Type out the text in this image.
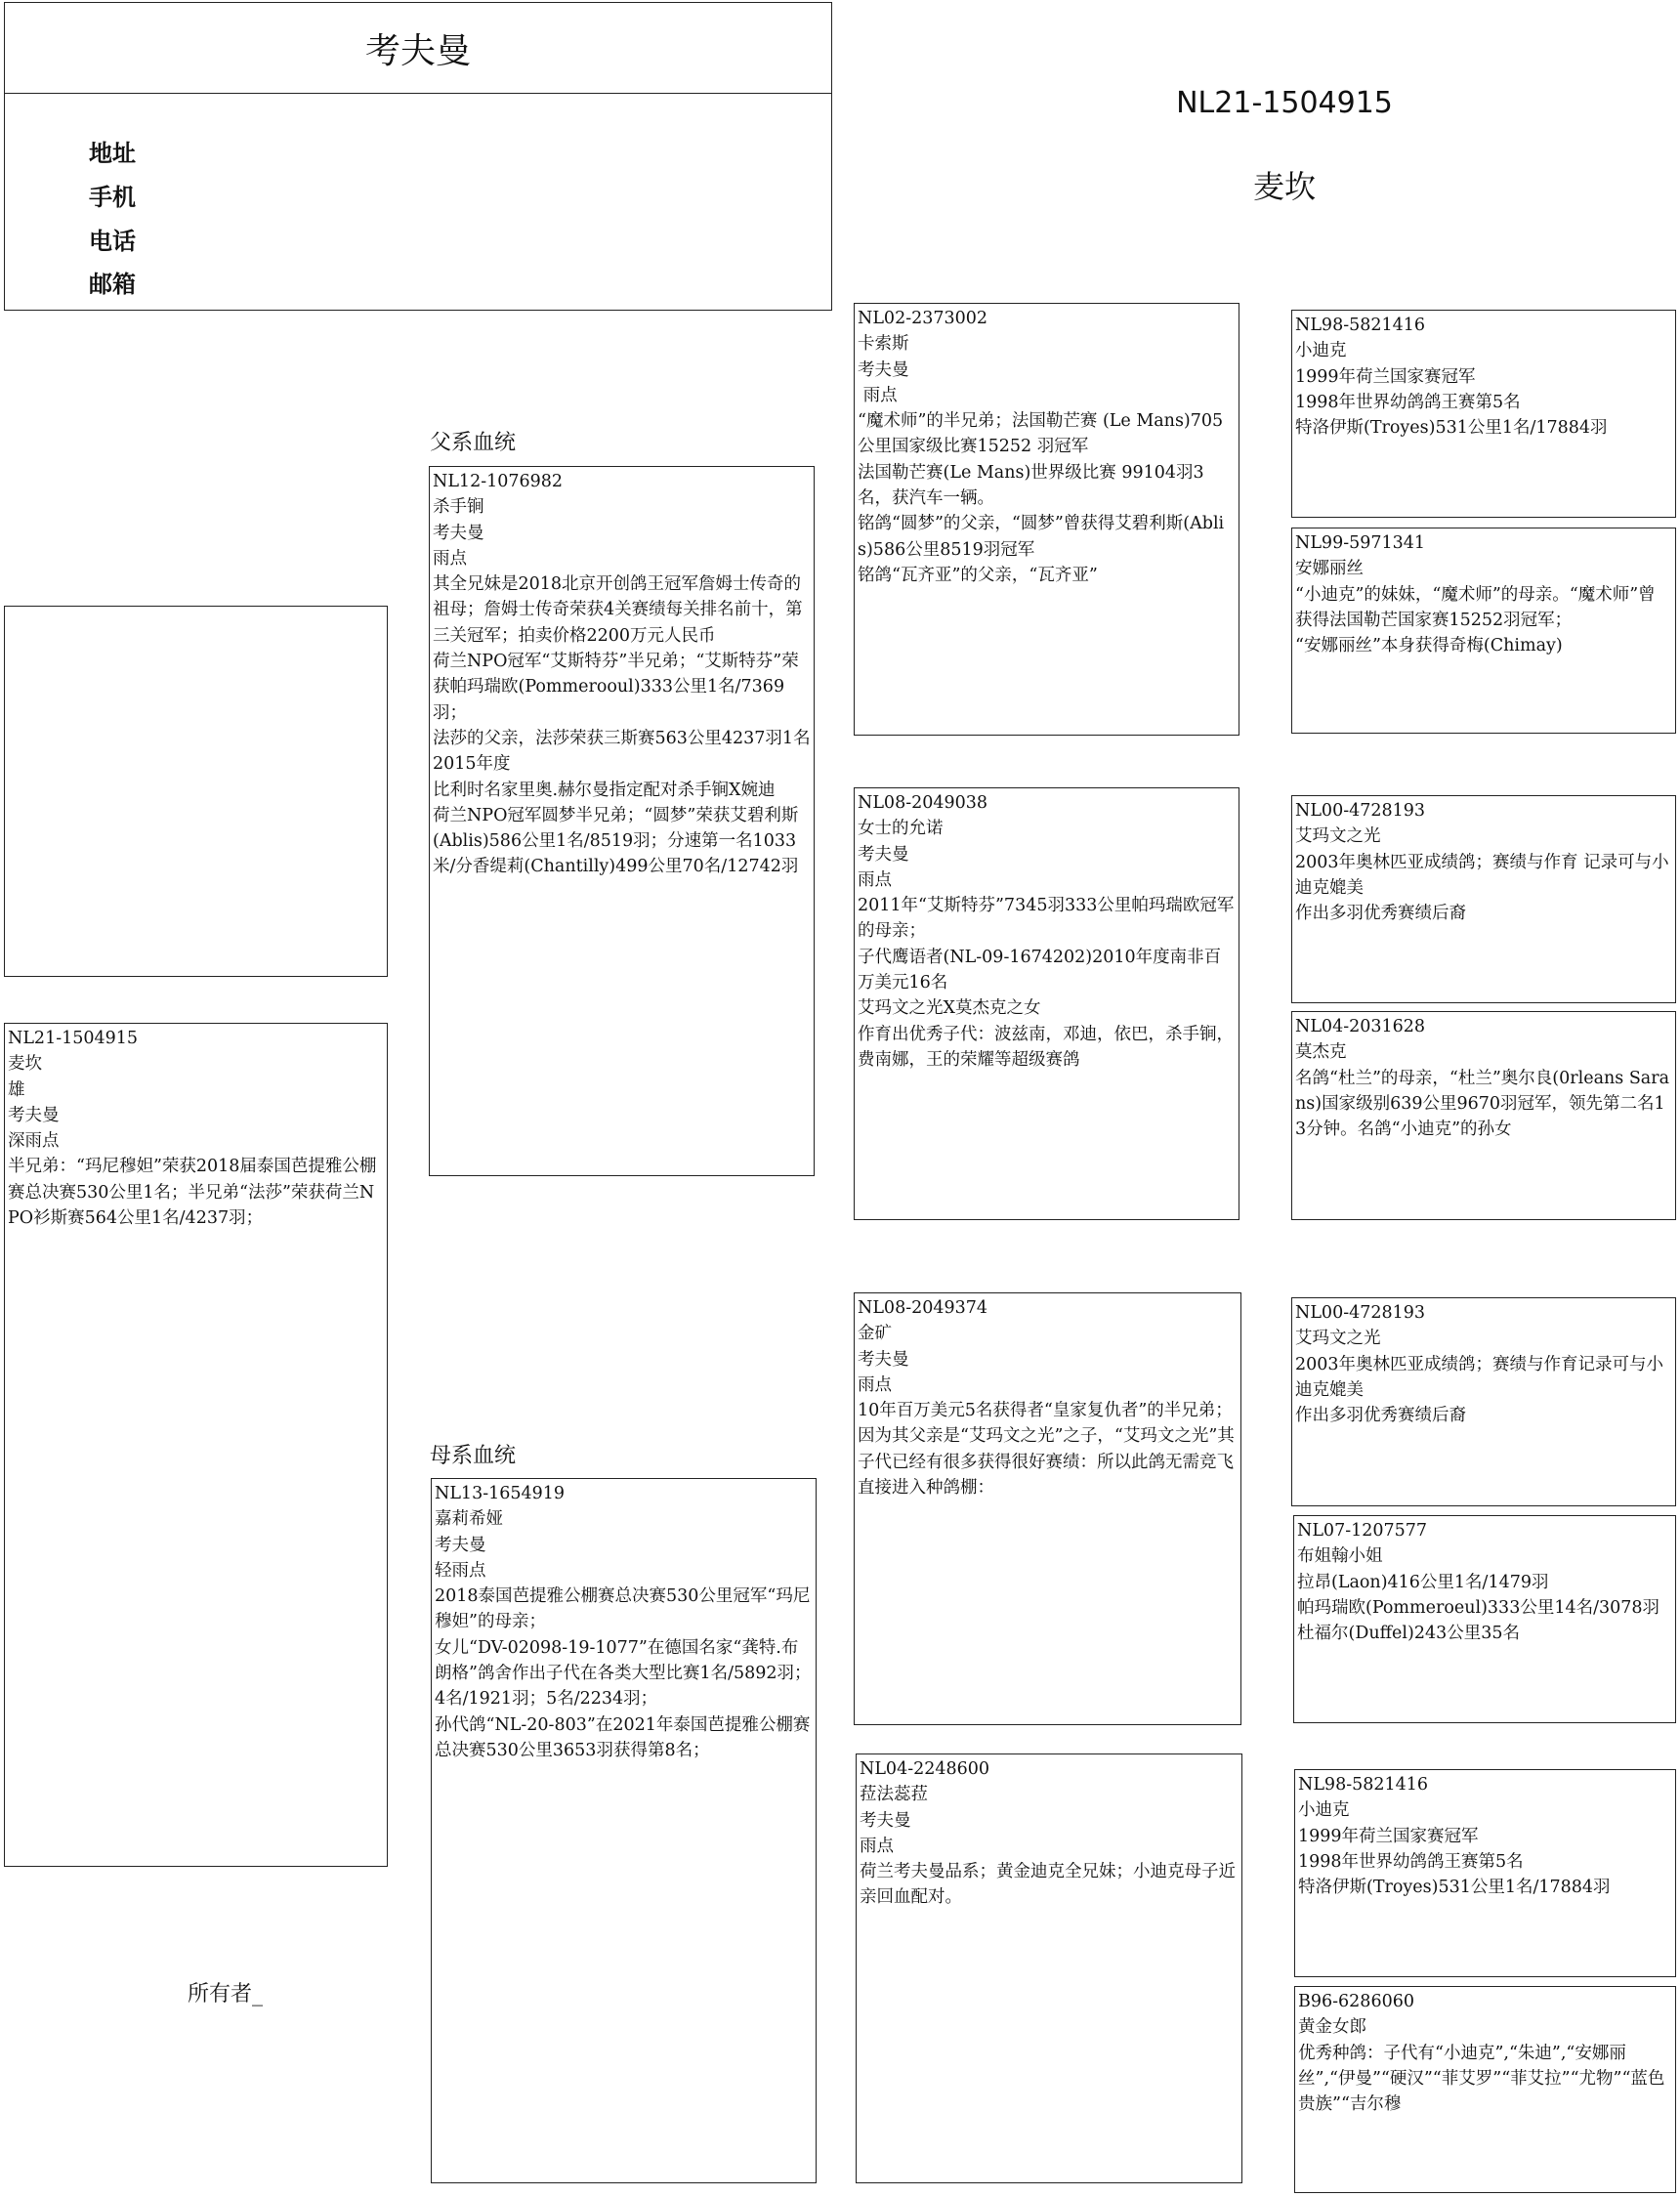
考夫曼
地址
手机
电话
邮箱
NL21-1504915
麦坎
NL21-1504915
麦坎
雄
考夫曼
深雨点
半兄弟：“玛尼穆妲”荣获2018届泰国芭提雅公棚赛总决赛530公里1名；半兄弟“法莎”荣获荷兰NPO衫斯赛564公里1名/4237羽；
所有者_
父系血统
母系血统
NL12-1076982
杀手锏
考夫曼
雨点
其全兄妹是2018北京开创鸽王冠军詹姆士传奇的祖母；詹姆士传奇荣获4关赛绩每关排名前十，第三关冠军；拍卖价格2200万元人民币
荷兰NPO冠军“艾斯特芬”半兄弟；“艾斯特芬”荣获帕玛瑞欧(Pommerooul)333公里1名/7369羽；
法莎的父亲，法莎荣获三斯赛563公里4237羽1名2015年度
比利时名家里奥.赫尔曼指定配对杀手锏X婉迪
荷兰NPO冠军圆梦半兄弟；“圆梦”荣获艾碧利斯(Ablis)586公里1名/8519羽；分速第一名1033米/分香缇莉(Chantilly)499公里70名/12742羽
NL13-1654919
嘉莉希娅
考夫曼
轻雨点
2018泰国芭提雅公棚赛总决赛530公里冠军“玛尼穆妲”的母亲；
女儿“DV-02098-19-1077”在德国名家“龚特.布朗格”鸽舍作出子代在各类大型比赛1名/5892羽；4名/1921羽；5名/2234羽；
孙代鸽“NL-20-803”在2021年泰国芭提雅公棚赛总决赛530公里3653羽获得第8名；
NL02-2373002
卡索斯
考夫曼
雨点
“魔术师”的半兄弟；法国勒芒赛 (Le Mans)705公里国家级比赛15252 羽冠军
法国勒芒赛(Le Mans)世界级比赛 99104羽3名，获汽车一辆。
铭鸽“圆梦”的父亲，“圆梦”曾获得艾碧利斯(Ablis)586公里8519羽冠军
铭鸽“瓦齐亚”的父亲，“瓦齐亚”
NL08-2049038
女士的允诺
考夫曼
雨点
2011年“艾斯特芬”7345羽333公里帕玛瑞欧冠军的母亲；
子代鹰语者(NL-09-1674202)2010年度南非百万美元16名
艾玛文之光X莫杰克之女
作育出优秀子代：波兹南，邓迪，依巴，杀手锏，费南娜，王的荣耀等超级赛鸽
NL08-2049374
金矿
考夫曼
雨点
10年百万美元5名获得者“皇家复仇者”的半兄弟；
因为其父亲是“艾玛文之光”之子，“艾玛文之光”其子代已经有很多获得很好赛绩：所以此鸽无需竞飞直接进入种鸽棚：
NL04-2248600
菈法蕊菈
考夫曼
雨点
荷兰考夫曼品系；黄金迪克全兄妹；小迪克母子近亲回血配对。
NL98-5821416
小迪克
1999年荷兰国家赛冠军
1998年世界幼鸽鸽王赛第5名
特洛伊斯(Troyes)531公里1名/17884羽
NL99-5971341
安娜丽丝
“小迪克”的妹妹，“魔术师”的母亲。“魔术师”曾获得法国勒芒国家赛15252羽冠军；
“安娜丽丝”本身获得奇梅(Chimay)
NL00-4728193
艾玛文之光
2003年奥林匹亚成绩鸽；赛绩与作育 记录可与小迪克媲美
作出多羽优秀赛绩后裔
NL04-2031628
莫杰克
名鸽“杜兰”的母亲，“杜兰”奥尔良(0rleans Sarans)国家级别639公里9670羽冠军，领先第二名13分钟。名鸽“小迪克”的孙女
NL00-4728193
艾玛文之光
2003年奥林匹亚成绩鸽；赛绩与作育记录可与小迪克媲美
作出多羽优秀赛绩后裔
NL07-1207577
布姐翰小姐
拉昂(Laon)416公里1名/1479羽
帕玛瑞欧(Pommeroeul)333公里14名/3078羽
杜福尔(Duffel)243公里35名
NL98-5821416
小迪克
1999年荷兰国家赛冠军
1998年世界幼鸽鸽王赛第5名
特洛伊斯(Troyes)531公里1名/17884羽
B96-6286060
黄金女郎
优秀种鸽：子代有“小迪克”,“朱迪”,“安娜丽丝”,“伊曼”“硬汉”“菲艾罗”“菲艾拉”“尤物”“蓝色贵族”“吉尔穆
